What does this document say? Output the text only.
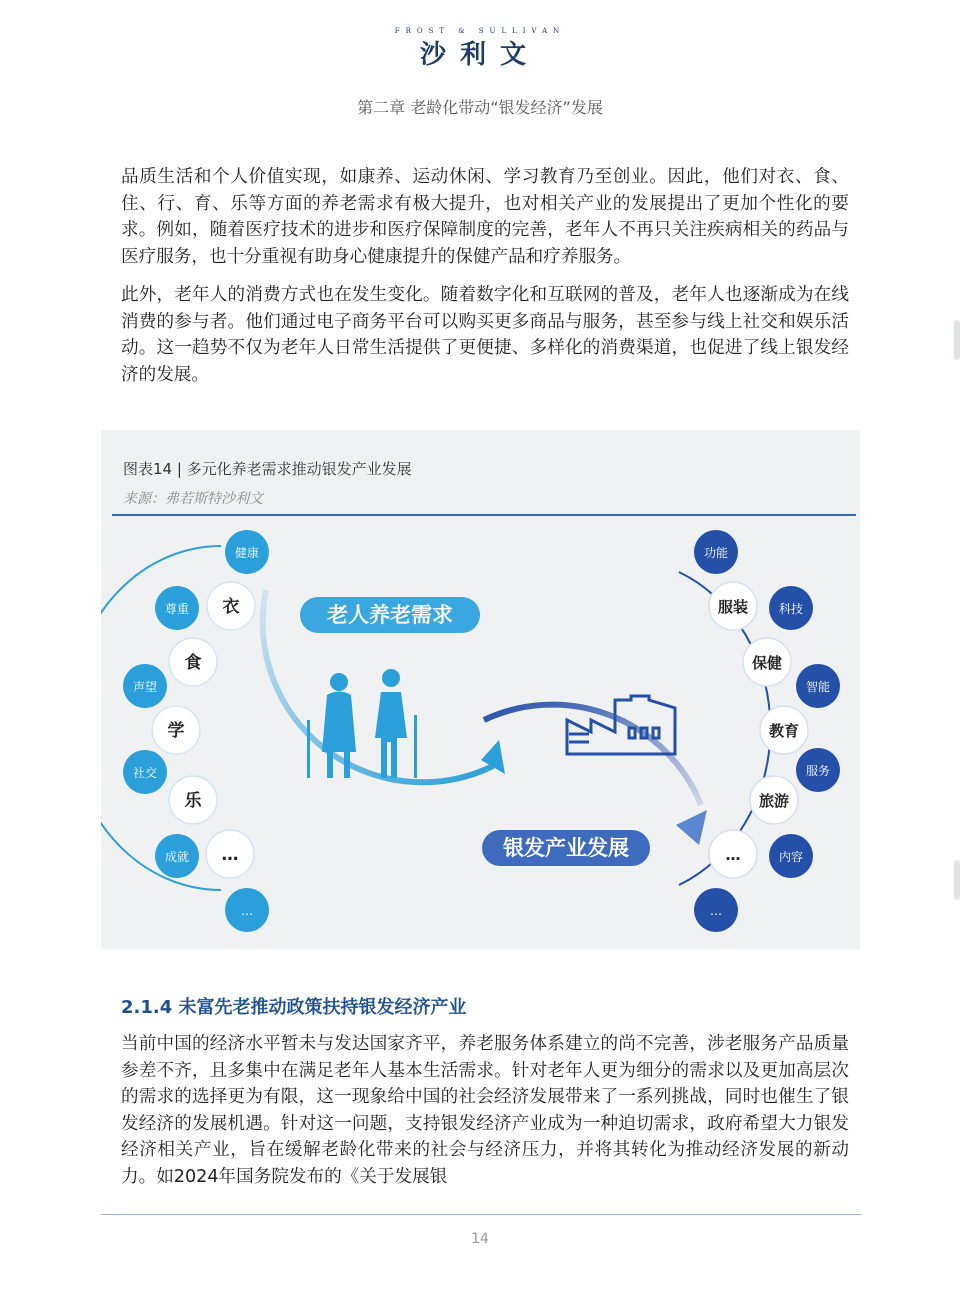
FROST & SULLIVAN
沙利文
第二章 老龄化带动“银发经济”发展

品质生活和个人价值实现，如康养、运动休闲、学习教育乃至创业。因此，他们对衣、食、住、行、育、乐等方面的养老需求有极大提升，也对相关产业的发展提出了更加个性化的要求。例如，随着医疗技术的进步和医疗保障制度的完善，老年人不再只关注疾病相关的药品与医疗服务，也十分重视有助身心健康提升的保健产品和疗养服务。

此外，老年人的消费方式也在发生变化。随着数字化和互联网的普及，老年人也逐渐成为在线消费的参与者。他们通过电子商务平台可以购买更多商品与服务，甚至参与线上社交和娱乐活动。这一趋势不仅为老年人日常生活提供了更便捷、多样化的消费渠道，也促进了线上银发经济的发展。

图表14 | 多元化养老需求推动银发产业发展
来源：弗若斯特沙利文
老人养老需求
银发产业发展
衣
食
学
乐
…
健康
尊重
声望
社交
成就
…
服装
保健
教育
旅游
…
功能
科技
智能
服务
内容
…
2.1.4 未富先老推动政策扶持银发经济产业

当前中国的经济水平暂未与发达国家齐平，养老服务体系建立的尚不完善，涉老服务产品质量参差不齐，且多集中在满足老年人基本生活需求。针对老年人更为细分的需求以及更加高层次的需求的选择更为有限，这一现象给中国的社会经济发展带来了一系列挑战，同时也催生了银发经济的发展机遇。针对这一问题，支持银发经济产业成为一种迫切需求，政府希望大力银发经济相关产业，旨在缓解老龄化带来的社会与经济压力，并将其转化为推动经济发展的新动力。如2024年国务院发布的《关于发展银

14
